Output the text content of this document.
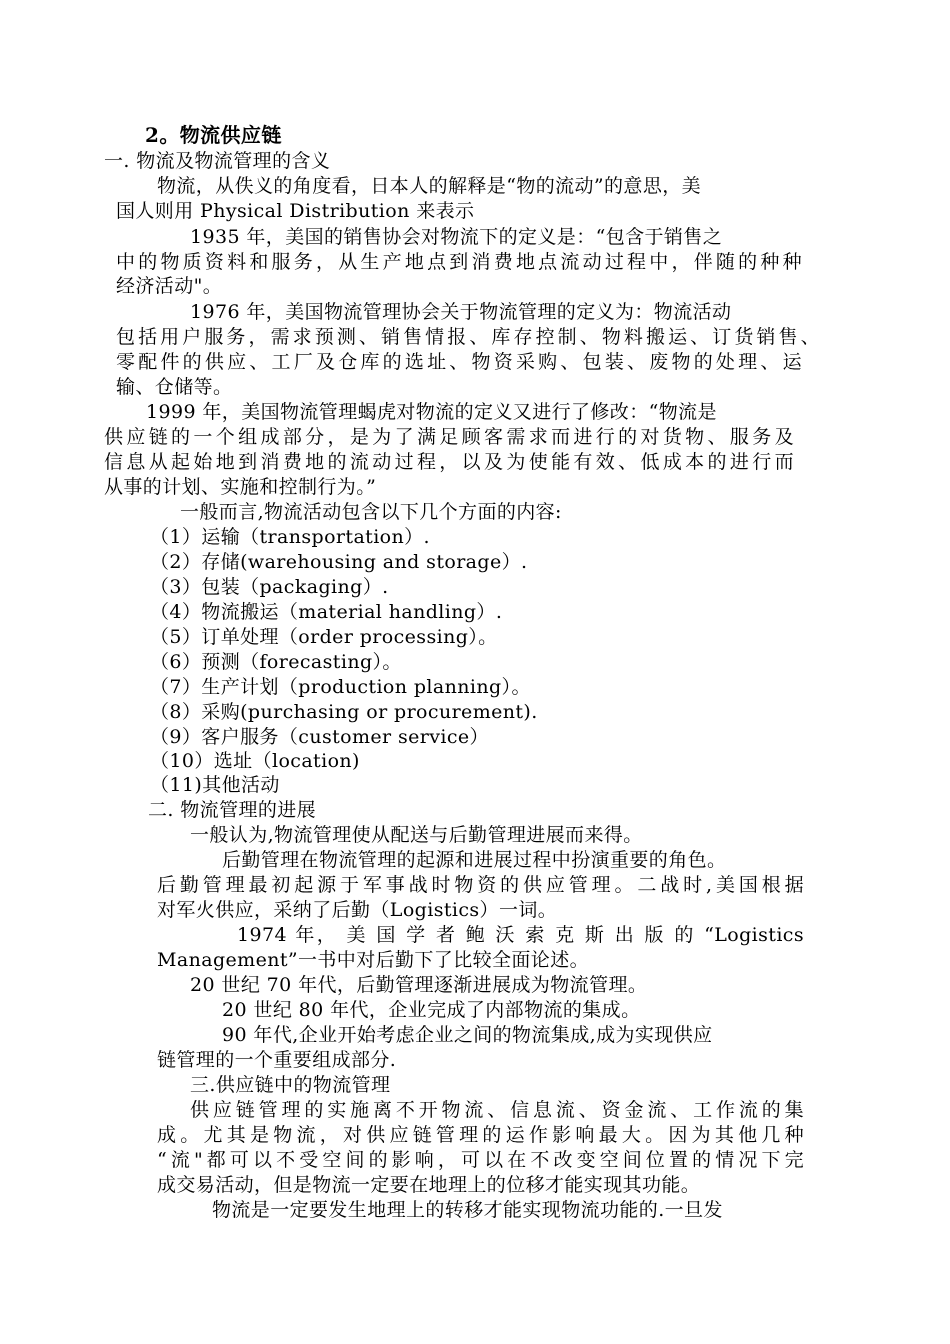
2。物流供应链
一. 物流及物流管理的含义
物流，从佚义的角度看，日本人的解释是“物的流动”的意思，美
国人则用 Physical Distribution 来表示
1935 年，美国的销售协会对物流下的定义是：“包含于销售之
中的物质资料和服务，从生产地点到消费地点流动过程中，伴随的种种
经济活动"。
1976 年，美国物流管理协会关于物流管理的定义为：物流活动
包括用户服务，需求预测、销售情报、库存控制、物料搬运、订货销售、
零配件的供应、工厂及仓库的选址、物资采购、包装、废物的处理、运
输、仓储等。
1999 年，美国物流管理蝎虎对物流的定义又进行了修改：“物流是
供应链的一个组成部分，是为了满足顾客需求而进行的对货物、服务及
信息从起始地到消费地的流动过程，以及为使能有效、低成本的进行而
从事的计划、实施和控制行为。”
一般而言,物流活动包含以下几个方面的内容:
（1）运输（transportation）.
（2）存储(warehousing and storage）.
（3）包装（packaging）.
（4）物流搬运（material handling）.
（5）订单处理（order processing）。
（6）预测（forecasting）。
（7）生产计划（production planning）。
（8）采购(purchasing or procurement).
（9）客户服务（customer service）
（10）选址（location)
（11)其他活动
二. 物流管理的进展
一般认为,物流管理使从配送与后勤管理进展而来得。
后勤管理在物流管理的起源和进展过程中扮演重要的角色。
后勤管理最初起源于军事战时物资的供应管理。二战时,美国根据
对军火供应，采纳了后勤（Logistics）一词。
1974 年， 美 国 学 者 鲍 沃 索 克 斯 出 版 的 “Logistics
Management”一书中对后勤下了比较全面论述。
20 世纪 70 年代，后勤管理逐渐进展成为物流管理。
20 世纪 80 年代，企业完成了内部物流的集成。
90 年代,企业开始考虑企业之间的物流集成,成为实现供应
链管理的一个重要组成部分.
三.供应链中的物流管理
供应链管理的实施离不开物流、信息流、资金流、工作流的集
成。尤其是物流，对供应链管理的运作影响最大。因为其他几种
“流"都可以不受空间的影响，可以在不改变空间位置的情况下完
成交易活动，但是物流一定要在地理上的位移才能实现其功能。
物流是一定要发生地理上的转移才能实现物流功能的.一旦发
